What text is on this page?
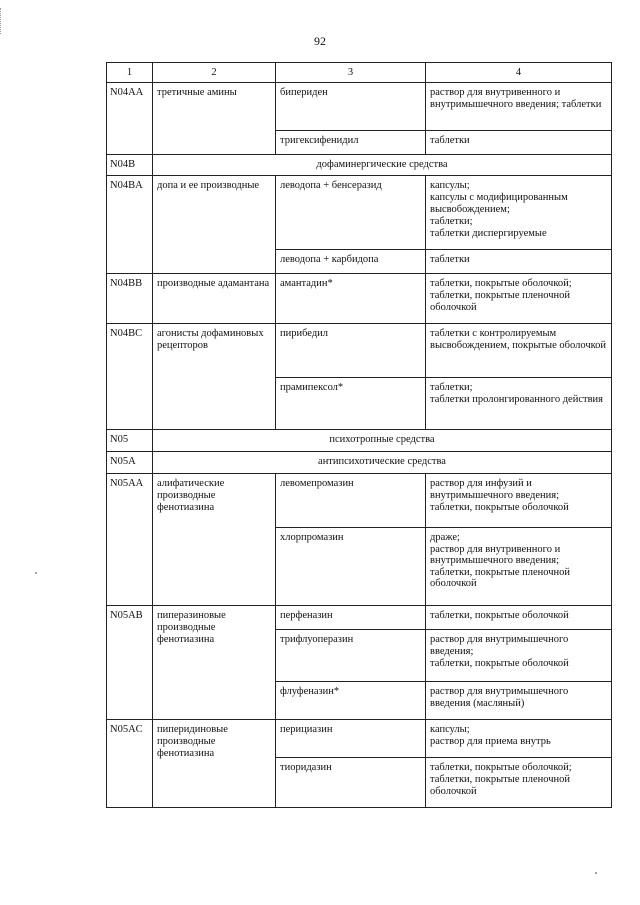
92
1	2	3	4
N04AA	третичные амины	бипериден	раствор для внутривенного и внутримышечного введения; таблетки
		тригексифенидил	таблетки
N04B	дофаминергические средства		
N04BA	допа и ее производные	леводопа + бенсеразид	капсулы;
капсулы с модифицированным высвобождением;
таблетки;
таблетки диспергируемые

		леводопа + карбидопа	таблетки
N04BB	производные адамантана	амантадин*	таблетки, покрытые оболочкой;
таблетки, покрытые пленочной оболочкой

N04BC	агонисты дофаминовых рецепторов	пирибедил	таблетки с контролируемым высвобождением, покрытые оболочкой
		прамипексол*	таблетки;
таблетки пролонгированного действия

N05	психотропные средства		
N05A	антипсихотические средства		
N05AA	алифатические производные фенотиазина	левомепромазин	раствор для инфузий и внутримышечного введения;
таблетки, покрытые оболочкой

		хлорпромазин	драже;
раствор для внутривенного и внутримышечного введения;
таблетки, покрытые пленочной оболочкой

N05AB	пиперазиновые производные фенотиазина	перфеназин	таблетки, покрытые оболочкой
		трифлуоперазин	раствор для внутримышечного введения;
таблетки, покрытые оболочкой

		флуфеназин*	раствор для внутримышечного введения (масляный)
N05AC	пиперидиновые производные фенотиазина	перициазин	капсулы;
раствор для приема внутрь

		тиоридазин	таблетки, покрытые оболочкой;
таблетки, покрытые пленочной оболочкой
